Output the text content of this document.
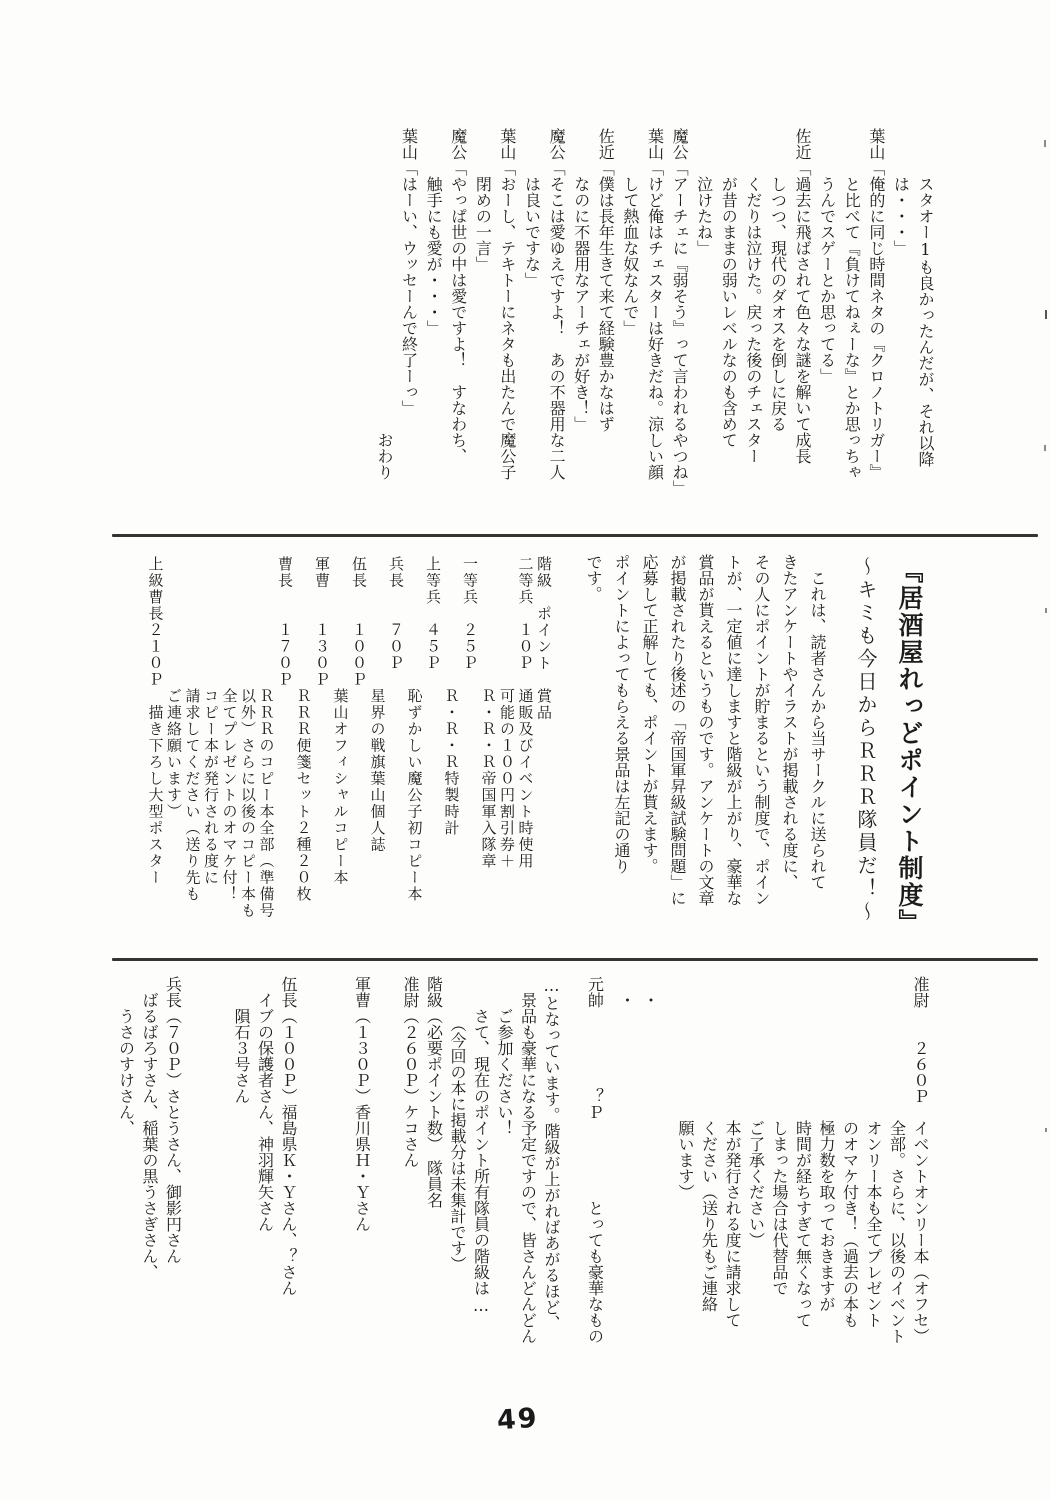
　　　スタオー1も良かったんだが、それ以降
　　　は・・・」
葉山「俺的に同じ時間ネタの『クロノトリガー』
　　　と比べて『負けてねぇーな』とか思っちゃ
　　　うんでスゲーとか思ってる」
佐近「過去に飛ばされて色々な謎を解いて成長
　　　しつつ、現代のダオスを倒しに戻る
　　　くだりは泣けた。戻った後のチェスター
　　　が昔のままの弱いレベルなのも含めて
　　　泣けたね」
魔公「アーチェに『弱そう』って言われるやつね」
葉山「けど俺はチェスターは好きだね。涼しい顔
　　　して熱血な奴なんで」
佐近「僕は長年生きて来て経験豊かなはず
　　　なのに不器用なアーチェが好き！」
魔公「そこは愛ゆえですよ！　あの不器用な二人
　　　は良いですな」
葉山「おーし、テキトーにネタも出たんで魔公子
　　　閉めの一言」
魔公「やっぱ世の中は愛ですよ！　すなわち、
　　　触手にも愛が・・・」
葉山「はーい、ウッセーんで終了ーっ」
　　　　　　　　　　　　　　　　　　　おわり
『居酒屋れっどポイント制度』
〜キミも今日からＲＲＲ隊員だ！〜
　これは、読者さんから当サークルに送られて
きたアンケートやイラストが掲載される度に、
その人にポイントが貯まるという制度で、ポイン
トが、一定値に達しますと階級が上がり、豪華な
賞品が貰えるというものです。アンケートの文章
が掲載されたり後述の「帝国軍昇級試験問題」に
応募して正解しても、ポイントが貰えます。
ポイントによってもらえる景品は左記の通り
です。
階級　ポイント　賞品
二等兵　１０Ｐ　通販及びイベント時使用
　　　　　　　　可能の１００円割引券＋
　　　　　　　　Ｒ・Ｒ・Ｒ帝国軍入隊章
一等兵　２５Ｐ
　　　　　　　　Ｒ・Ｒ・Ｒ特製時計
上等兵　４５Ｐ
　　　　　　　　恥ずかしい魔公子初コピー本
兵長　　７０Ｐ
　　　　　　　　星界の戦旗葉山個人誌
伍長　　１００Ｐ
　　　　　　　　葉山オフィシャルコピー本
軍曹　　１３０Ｐ
　　　　　　　　ＲＲＲ便箋セット２種２０枚
曹長　　１７０Ｐ
　　　　　　　　ＲＲＲのコピー本全部（準備号
　　　　　　　　以外）さらに以後のコピー本も
　　　　　　　　全てプレゼントのオマケ付！
　　　　　　　　コピー本が発行される度に
　　　　　　　　請求してください（送り先も
　　　　　　　　ご連絡願います）
上級曹長２１０Ｐ　描き下ろし大型ポスター
准尉　　２６０Ｐ　イベントオンリー本（オフセ）
　　　　　　　　　全部。さらに、以後のイベント
　　　　　　　　　オンリー本も全てプレゼント
　　　　　　　　　のオマケ付き！（過去の本も
　　　　　　　　　極力数を取っておきますが
　　　　　　　　　時間が経ちすぎて無くなって
　　　　　　　　　しまった場合は代替品で
　　　　　　　　　ご了承ください）
　　　　　　　　　本が発行される度に請求して
　　　　　　　　　ください（送り先もご連絡
　　　　　　　　　願います）
　・
　・
元帥　　　　　？Ｐ　　　　　とっても豪華なもの
…となっています。階級が上がればあがるほど、
　景品も豪華になる予定ですので、皆さんどんどん
　　ご参加ください！
　　さて、現在のポイント所有隊員の階級は…
　　　（今回の本に掲載分は未集計です）
階級（必要ポイント数）　隊員名
准尉（２６０Ｐ）ケコさん
軍曹（１３０Ｐ）香川県Ｈ・Ｙさん
伍長（１００Ｐ）福島県Ｋ・Ｙさん、？さん
　イブの保護者さん、神羽輝矢さん
　　隕石３号さん
兵長（７０Ｐ）さとうさん、御影円さん
　ばるばろすさん、稲葉の黒うさぎさん、
　　うさのすけさん、
49
